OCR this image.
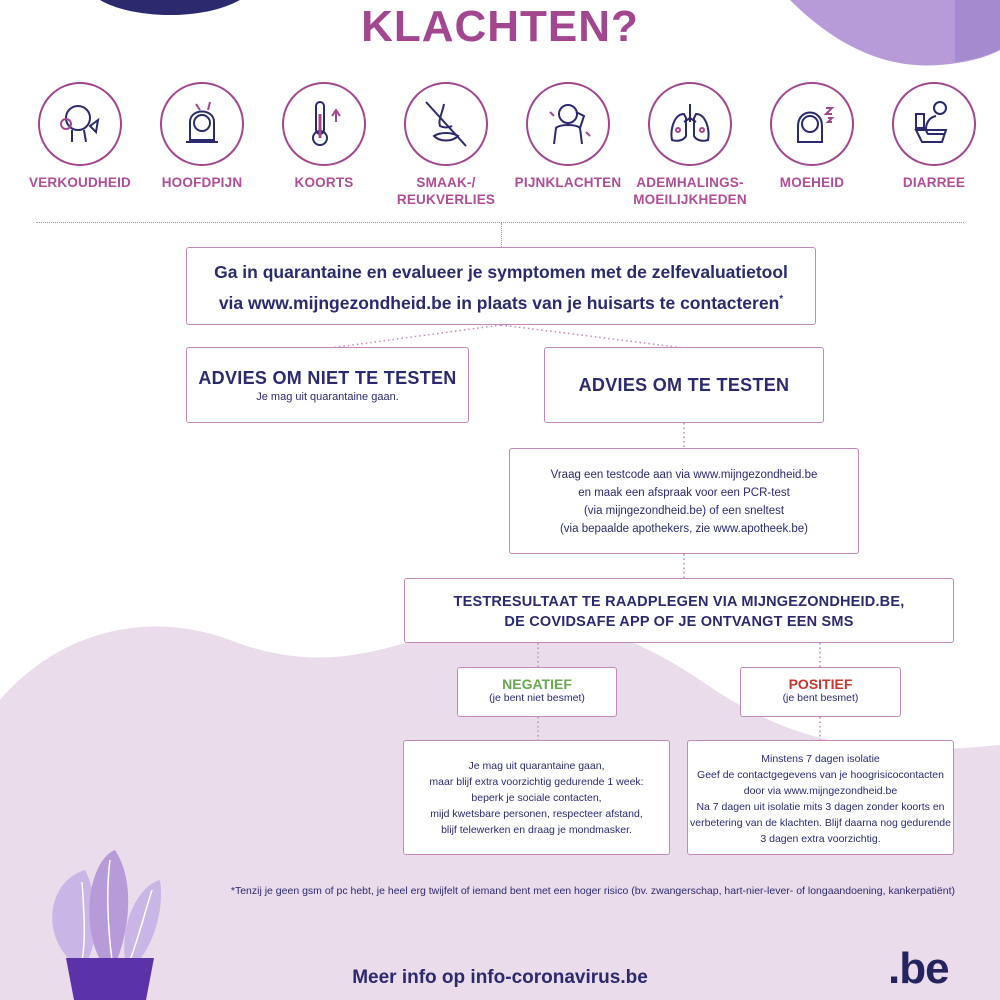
KLACHTEN?
VERKOUDHEID	HOOFDPIJN	KOORTS	SMAAK-/
REUKVERLIES
PIJNKLACHTEN	ADEMHALINGS-
MOEILIJKHEDEN
MOEHEID	DIARREE
Ga in quarantaine en evalueer je symptomen met de zelfevaluatietool
via www.mijngezondheid.be in plaats van je huisarts te contacteren*
ADVIES OM NIET TE TESTEN
Je mag uit quarantaine gaan.
ADVIES OM TE TESTEN
Vraag een testcode aan via www.mijngezondheid.be
en maak een afspraak voor een PCR-test
(via mijngezondheid.be) of een sneltest
(via bepaalde apothekers, zie www.apotheek.be)
TESTRESULTAAT TE RAADPLEGEN VIA MIJNGEZONDHEID.BE,
DE COVIDSAFE APP OF JE ONTVANGT EEN SMS
NEGATIEF
(je bent niet besmet)
POSITIEF
(je bent besmet)
Je mag uit quarantaine gaan,
maar blijf extra voorzichtig gedurende 1 week:
beperk je sociale contacten,
mijd kwetsbare personen, respecteer afstand,
blijf telewerken en draag je mondmasker.
Minstens 7 dagen isolatie
Geef de contactgegevens van je hoogrisicocontacten
door via www.mijngezondheid.be
Na 7 dagen uit isolatie mits 3 dagen zonder koorts en
verbetering van de klachten. Blijf daarna nog gedurende
3 dagen extra voorzichtig.
*Tenzij je geen gsm of pc hebt, je heel erg twijfelt of iemand bent met een hoger risico (bv. zwangerschap, hart-nier-lever- of longaandoening, kankerpatiënt)
Meer info op info-coronavirus.be	.be
